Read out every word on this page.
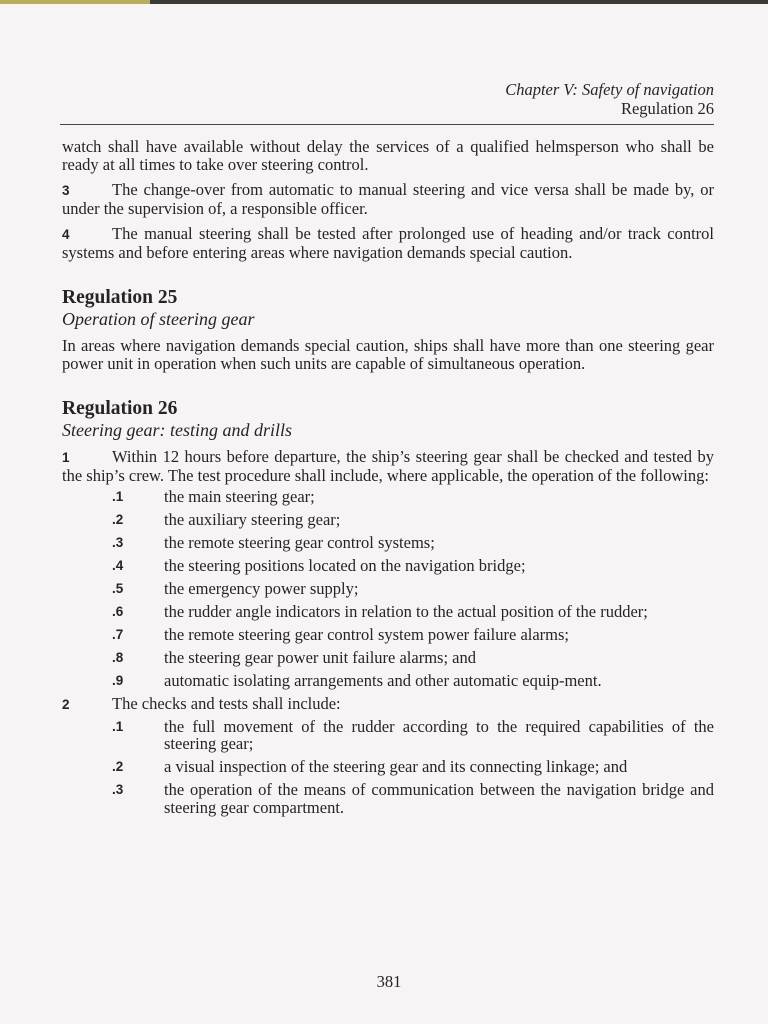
Chapter V: Safety of navigation
Regulation 26

watch shall have available without delay the services of a qualified helmsperson who shall be ready at all times to take over steering control.

3	The change-over from automatic to manual steering and vice versa shall be made by, or under the supervision of, a responsible officer.

4	The manual steering shall be tested after prolonged use of heading and/or track control systems and before entering areas where navigation demands special caution.

Regulation 25
Operation of steering gear

In areas where navigation demands special caution, ships shall have more than one steering gear power unit in operation when such units are capable of simultaneous operation.

Regulation 26
Steering gear: testing and drills

1	Within 12 hours before departure, the ship’s steering gear shall be checked and tested by the ship’s crew. The test procedure shall include, where applicable, the operation of the following:

.1	the main steering gear;
.2	the auxiliary steering gear;
.3	the remote steering gear control systems;
.4	the steering positions located on the navigation bridge;
.5	the emergency power supply;
.6	the rudder angle indicators in relation to the actual position of the rudder;
.7	the remote steering gear control system power failure alarms;
.8	the steering gear power unit failure alarms; and
.9	automatic isolating arrangements and other automatic equip-ment.

2	The checks and tests shall include:

.1	the full movement of the rudder according to the required capabilities of the steering gear;
.2	a visual inspection of the steering gear and its connecting linkage; and
.3	the operation of the means of communication between the navigation bridge and steering gear compartment.
381
